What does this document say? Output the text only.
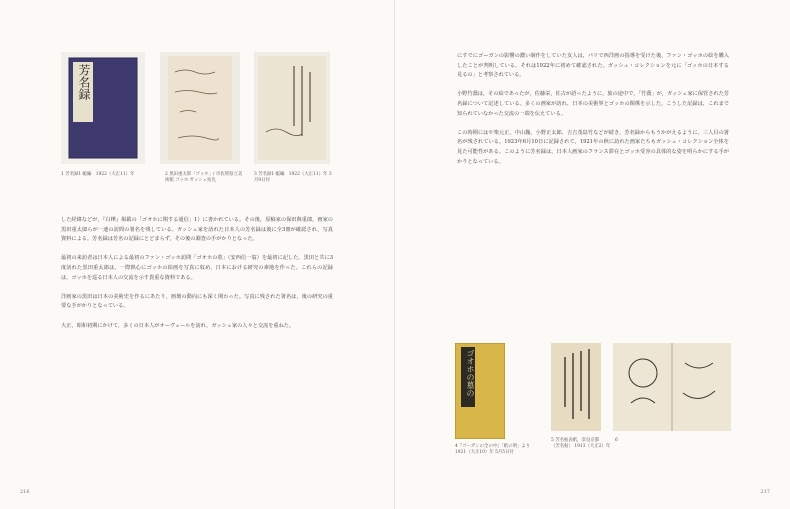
芳名録
1 芳名録1 帳編　1922（大正11）年	2 黒田重太郎「ゴッホ」/ 市佐賀県立美術館 ゴッホ·ガッシェ宛先
3 芳名録1 帳編　1922（大正11）年 3月9日付

した経緯などが，『白樺』掲載の「ゴオホに関する通信」1）に書かれている。その後，原稿家の保田與重郎，画家の黒田重太郎らが一連の訪問の署名を残している。ガッシェ家を訪れた日本人の芳名録は後に全3冊が確認され，写真資料による。芳名録は芳名の記録にとどまらず，その後の調査の手がかりとなった。

最初の来訪者は日本人による最初のファン・ゴッホ訪問「ゴオホの墓」（安西信一翁）を最初に記した。黒田と共に3度訪れた黒田重太郎は，一際熱心にゴッホの絵画を写真に収め，日本における研究の素地を作った。これらの記録は，ゴッホを巡る日本人の交流を示す貴重な資料である。

洋画家の黒田は日本の美術史を作るにあたり，画壇の動向にも深く関わった。写真に残された署名は，後の研究の重要な手がかりとなっている。

大正，昭和初期にかけて，多くの日本人がオーヴェールを訪れ，ガッシェ家の人々と交流を重ねた。

216

にすでにゴーガンの影響の濃い制作をしていた友人は，パリで西洋画の指導を受けた後，ファン・ゴッホの絵を購入したことが判明している。それは1922年に初めて確認された。ガッシェ・コレクションを元に「ゴッホの日本する見るの」と考察されている。

小野竹喬は，その絵であったが，佐藤栄，佐古が語ったように，旅の途中で，「竹喬」が，ガッシェ家に保管された芳名録について記述している。多くの画家が訪れ，日本の美術界とゴッホの関係を示した。こうした記録は，これまで知られていなかった交流の一端を伝えている。

この時期にはや楽元正，中山魏，小野正太郎，吉吉茂島竹などが続き，芳名録からもうかがえるように，三人目の署名が残されている。1923年6月10日に記録されて，1921年の秋に訪れた画家たちもガッシェ・コレクション全体を見た可能性がある。このように芳名録は，日本人画家のフランス滞在とゴッホ受容の具体的な姿を明らかにする手がかりとなっている。

ゴオホの墓の
4『ゴーガンの全の中』「紙の明」より
1921（大正10）年 5月5日付
5 芳名帖表紙，奈良京都
（芳名帖） 1913（大正2）年
6
217
